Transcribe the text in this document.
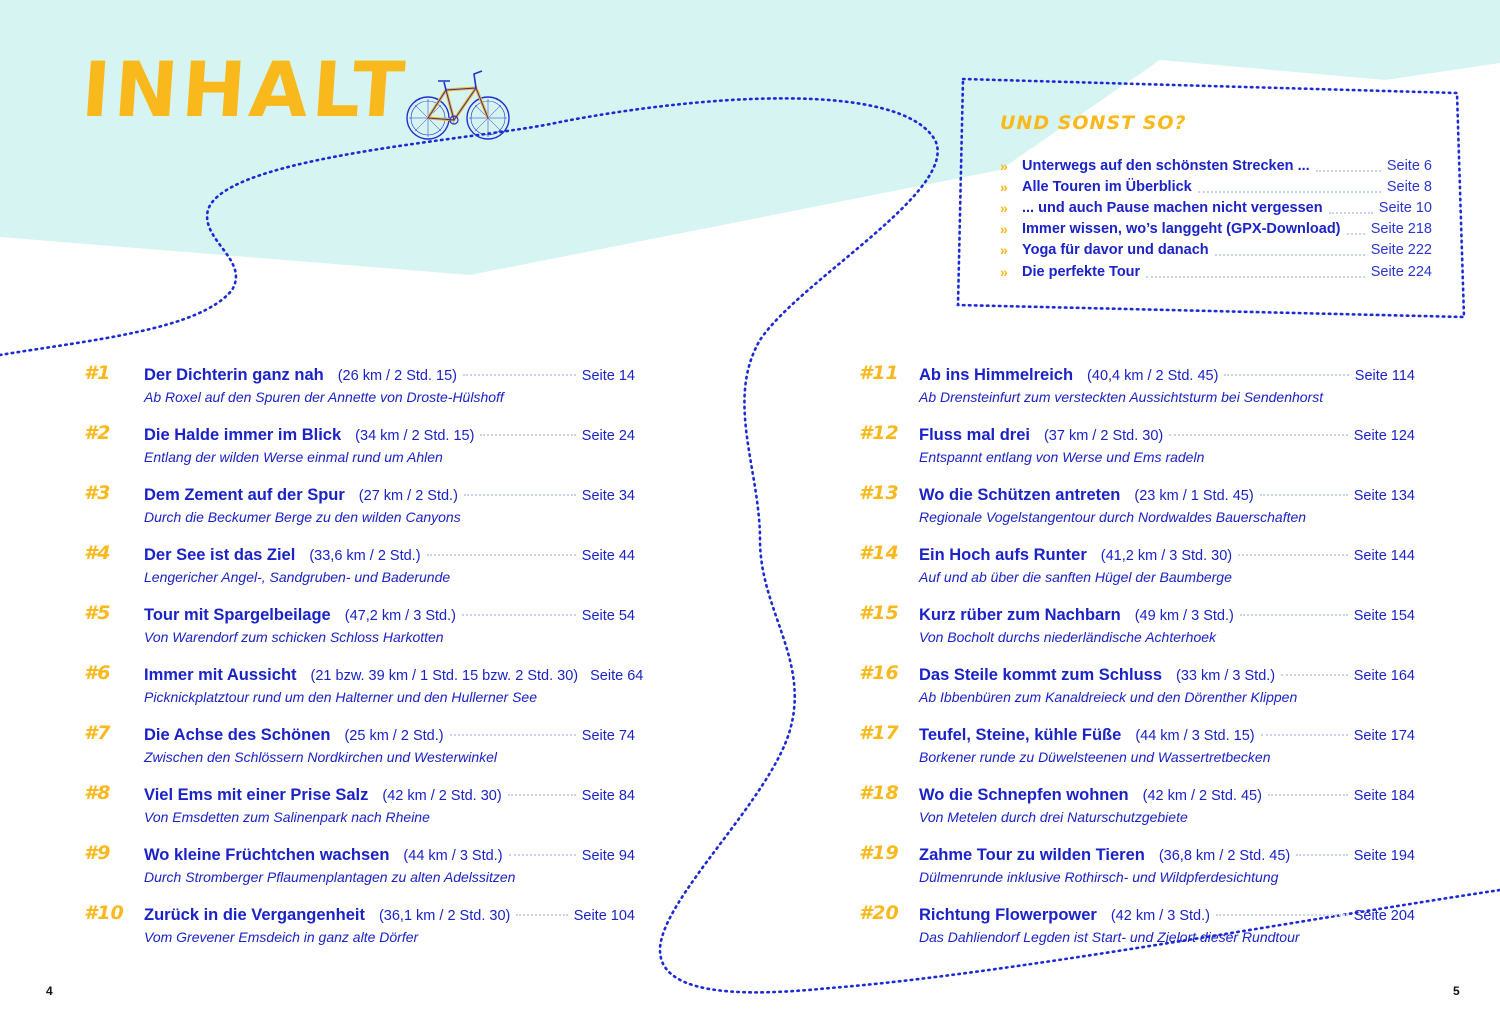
INHALT	UND SONST SO?
» Unterwegs auf den schönsten Strecken ...	Seite 6
» Alle Touren im Überblick	Seite 8
» ... und auch Pause machen nicht vergessen	Seite 10
» Immer wissen, wo’s langgeht (GPX-Download) Seite 218
» Yoga für davor und danach	Seite 222
» Die perfekte Tour	Seite 224
#1 Der Dichterin ganz nah (26 km / 2 Std. 15)	Seite 14
Ab Roxel auf den Spuren der Annette von Droste-Hülshoff
#2 Die Halde immer im Blick (34 km / 2 Std. 15)	Seite 24
Entlang der wilden Werse einmal rund um Ahlen
#3 Dem Zement auf der Spur (27 km / 2 Std.)	Seite 34
Durch die Beckumer Berge zu den wilden Canyons
#4 Der See ist das Ziel (33,6 km / 2 Std.)	Seite 44
Lengericher Angel-, Sandgruben- und Baderunde
#5 Tour mit Spargelbeilage (47,2 km / 3 Std.)	Seite 54
Von Warendorf zum schicken Schloss Harkotten
#6 Immer mit Aussicht (21 bzw. 39 km / 1 Std. 15 bzw. 2 Std. 30) Seite 64
Picknickplatztour rund um den Halterner und den Hullerner See
#7 Die Achse des Schönen (25 km / 2 Std.)	Seite 74
Zwischen den Schlössern Nordkirchen und Westerwinkel
#8 Viel Ems mit einer Prise Salz (42 km / 2 Std. 30)	Seite 84
Von Emsdetten zum Salinenpark nach Rheine
#9 Wo kleine Früchtchen wachsen (44 km / 3 Std.)	Seite 94
Durch Stromberger Pflaumenplantagen zu alten Adelssitzen
#10 Zurück in die Vergangenheit (36,1 km / 2 Std. 30)	Seite 104
Vom Grevener Emsdeich in ganz alte Dörfer
#11 Ab ins Himmelreich (40,4 km / 2 Std. 45)	Seite 114
Ab Drensteinfurt zum versteckten Aussichtsturm bei Sendenhorst
#12 Fluss mal drei (37 km / 2 Std. 30)	Seite 124
Entspannt entlang von Werse und Ems radeln
#13 Wo die Schützen antreten (23 km / 1 Std. 45)	Seite 134
Regionale Vogelstangentour durch Nordwaldes Bauerschaften
#14 Ein Hoch aufs Runter (41,2 km / 3 Std. 30)	Seite 144
Auf und ab über die sanften Hügel der Baumberge
#15 Kurz rüber zum Nachbarn (49 km / 3 Std.)	Seite 154
Von Bocholt durchs niederländische Achterhoek
#16 Das Steile kommt zum Schluss (33 km / 3 Std.)	Seite 164
Ab Ibbenbüren zum Kanaldreieck und den Dörenther Klippen
#17 Teufel, Steine, kühle Füße (44 km / 3 Std. 15)	Seite 174
Borkener runde zu Düwelsteenen und Wassertretbecken
#18 Wo die Schnepfen wohnen (42 km / 2 Std. 45)	Seite 184
Von Metelen durch drei Naturschutzgebiete
#19 Zahme Tour zu wilden Tieren (36,8 km / 2 Std. 45)	Seite 194
Dülmenrunde inklusive Rothirsch- und Wildpferdesichtung
#20 Richtung Flowerpower (42 km / 3 Std.)	Seite 204
Das Dahliendorf Legden ist Start- und Zielort dieser Rundtour
4	5
